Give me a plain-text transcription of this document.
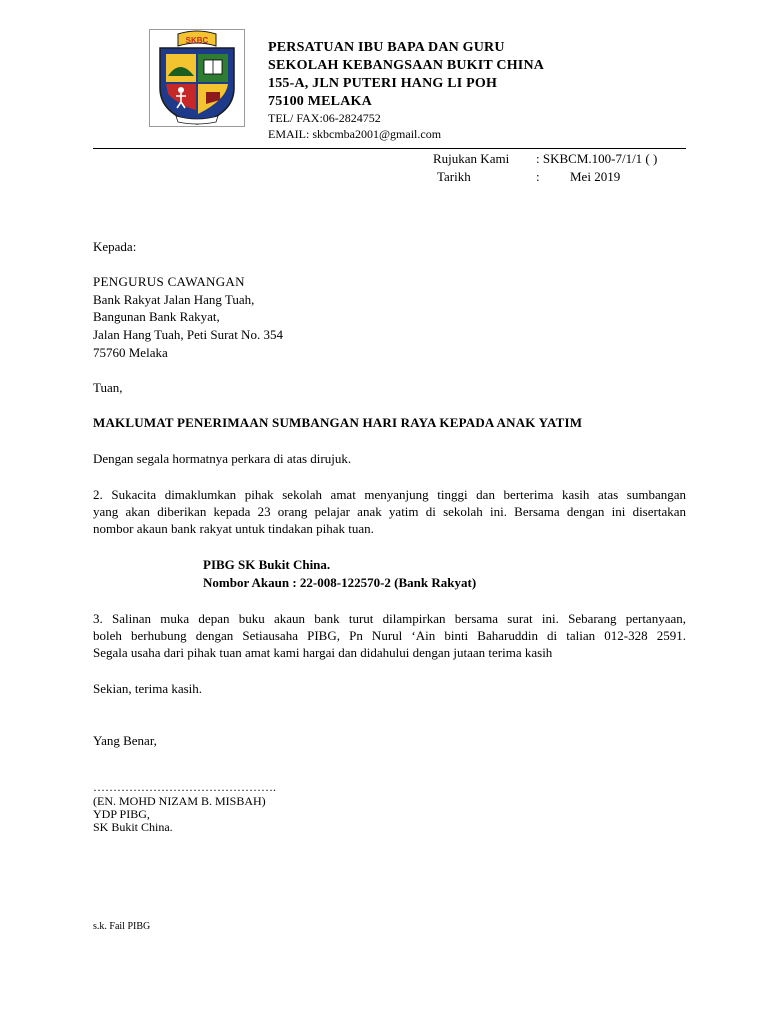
SKBC	PERSATUAN IBU BAPA DAN GURU
SEKOLAH KEBANGSAAN BUKIT CHINA
155-A, JLN PUTERI HANG LI POH
75100 MELAKA
TEL/ FAX:06-2824752
EMAIL: skbcmba2001@gmail.com
Rujukan Kami : SKBCM.100-7/1/1 ( )
Tarikh	: Mei 2019
Kepada:
PENGURUS CAWANGAN
Bank Rakyat Jalan Hang Tuah,
Bangunan Bank Rakyat,
Jalan Hang Tuah, Peti Surat No. 354
75760 Melaka
Tuan,
MAKLUMAT PENERIMAAN SUMBANGAN HARI RAYA KEPADA ANAK YATIM
Dengan segala hormatnya perkara di atas dirujuk.
2. Sukacita dimaklumkan pihak sekolah amat menyanjung tinggi dan berterima kasih atas sumbangan
yang akan diberikan kepada 23 orang pelajar anak yatim di sekolah ini. Bersama dengan ini disertakan
nombor akaun bank rakyat untuk tindakan pihak tuan.
PIBG SK Bukit China.
Nombor Akaun : 22-008-122570-2 (Bank Rakyat)
3. Salinan muka depan buku akaun bank turut dilampirkan bersama surat ini. Sebarang pertanyaan,
boleh berhubung dengan Setiausaha PIBG, Pn Nurul ‘Ain binti Baharuddin di talian 012-328 2591.
Segala usaha dari pihak tuan amat kami hargai dan didahului dengan jutaan terima kasih
Sekian, terima kasih.
Yang Benar,
……………………………………….
(EN. MOHD NIZAM B. MISBAH)
YDP PIBG,
SK Bukit China.
s.k. Fail PIBG
